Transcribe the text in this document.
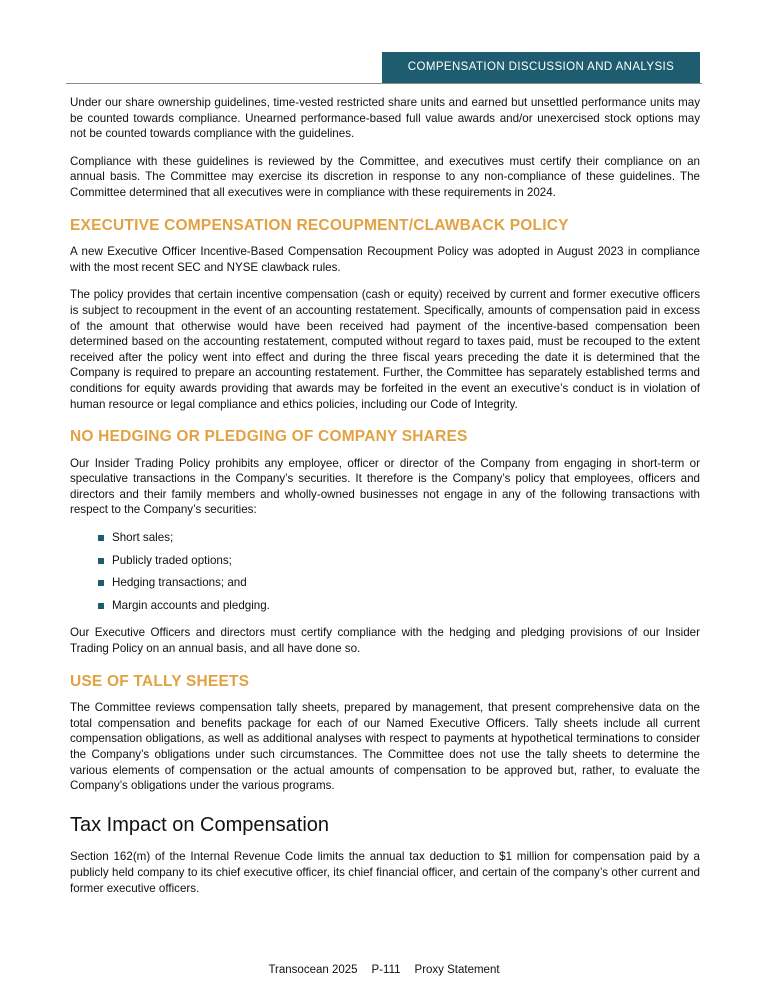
COMPENSATION DISCUSSION AND ANALYSIS

Under our share ownership guidelines, time-vested restricted share units and earned but unsettled performance units may be counted towards compliance. Unearned performance-based full value awards and/or unexercised stock options may not be counted towards compliance with the guidelines.

Compliance with these guidelines is reviewed by the Committee, and executives must certify their compliance on an annual basis. The Committee may exercise its discretion in response to any non-compliance of these guidelines. The Committee determined that all executives were in compliance with these requirements in 2024.

EXECUTIVE COMPENSATION RECOUPMENT/CLAWBACK POLICY

A new Executive Officer Incentive-Based Compensation Recoupment Policy was adopted in August 2023 in compliance with the most recent SEC and NYSE clawback rules.

The policy provides that certain incentive compensation (cash or equity) received by current and former executive officers is subject to recoupment in the event of an accounting restatement. Specifically, amounts of compensation paid in excess of the amount that otherwise would have been received had payment of the incentive-based compensation been determined based on the accounting restatement, computed without regard to taxes paid, must be recouped to the extent received after the policy went into effect and during the three fiscal years preceding the date it is determined that the Company is required to prepare an accounting restatement. Further, the Committee has separately established terms and conditions for equity awards providing that awards may be forfeited in the event an executive’s conduct is in violation of human resource or legal compliance and ethics policies, including our Code of Integrity.

NO HEDGING OR PLEDGING OF COMPANY SHARES

Our Insider Trading Policy prohibits any employee, officer or director of the Company from engaging in short-term or speculative transactions in the Company’s securities. It therefore is the Company’s policy that employees, officers and directors and their family members and wholly-owned businesses not engage in any of the following transactions with respect to the Company’s securities:

Short sales;
Publicly traded options;
Hedging transactions; and
Margin accounts and pledging.

Our Executive Officers and directors must certify compliance with the hedging and pledging provisions of our Insider Trading Policy on an annual basis, and all have done so.

USE OF TALLY SHEETS

The Committee reviews compensation tally sheets, prepared by management, that present comprehensive data on the total compensation and benefits package for each of our Named Executive Officers. Tally sheets include all current compensation obligations, as well as additional analyses with respect to payments at hypothetical terminations to consider the Company’s obligations under such circumstances. The Committee does not use the tally sheets to determine the various elements of compensation or the actual amounts of compensation to be approved but, rather, to evaluate the Company’s obligations under the various programs.

Tax Impact on Compensation

Section 162(m) of the Internal Revenue Code limits the annual tax deduction to $1 million for compensation paid by a publicly held company to its chief executive officer, its chief financial officer, and certain of the company’s other current and former executive officers.

Transocean 2025 P-111 Proxy Statement
